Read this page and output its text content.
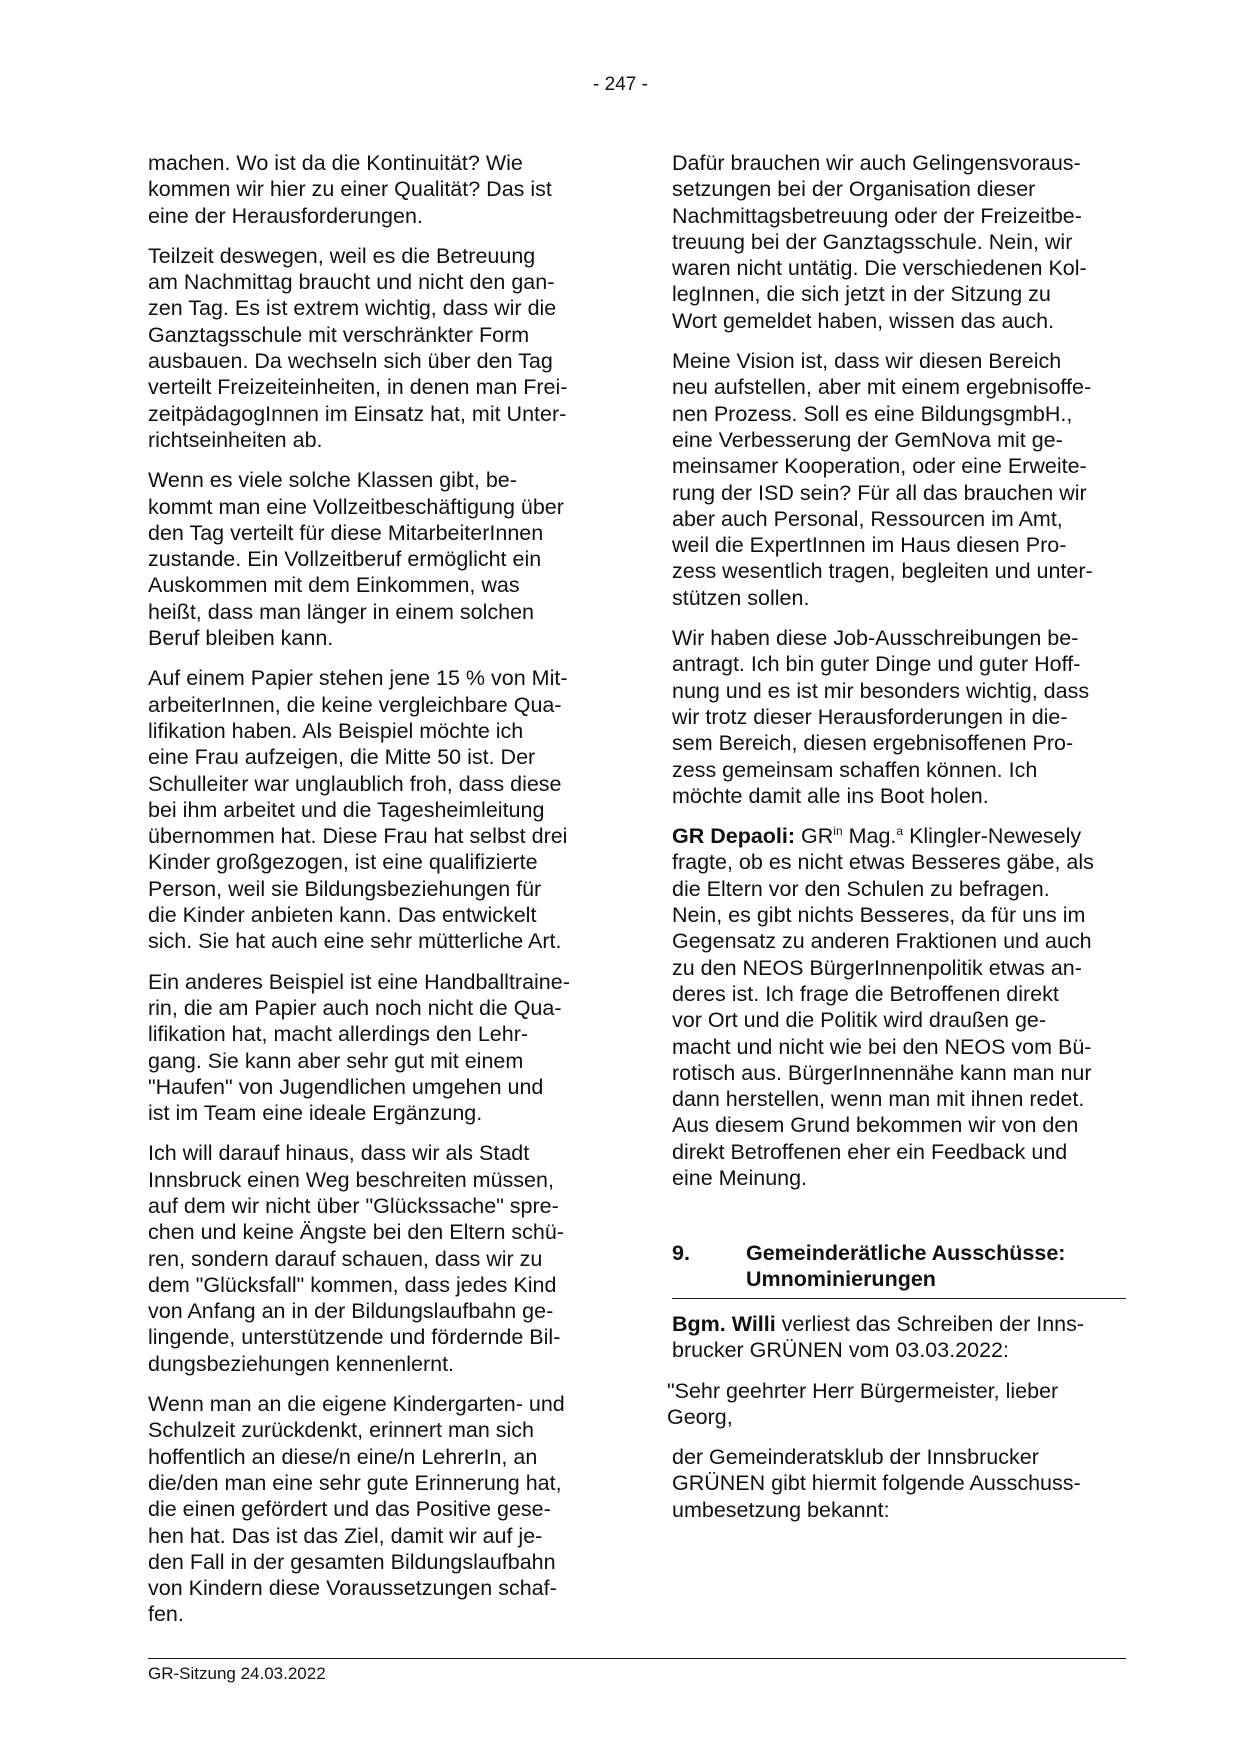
- 247 -

machen. Wo ist da die Kontinuität? Wie
kommen wir hier zu einer Qualität? Das ist
eine der Herausforderungen.

Teilzeit deswegen, weil es die Betreuung
am Nachmittag braucht und nicht den gan-
zen Tag. Es ist extrem wichtig, dass wir die
Ganztagsschule mit verschränkter Form
ausbauen. Da wechseln sich über den Tag
verteilt Freizeiteinheiten, in denen man Frei-
zeitpädagogInnen im Einsatz hat, mit Unter-
richtseinheiten ab.

Wenn es viele solche Klassen gibt, be-
kommt man eine Vollzeitbeschäftigung über
den Tag verteilt für diese MitarbeiterInnen
zustande. Ein Vollzeitberuf ermöglicht ein
Auskommen mit dem Einkommen, was
heißt, dass man länger in einem solchen
Beruf bleiben kann.

Auf einem Papier stehen jene 15 % von Mit-
arbeiterInnen, die keine vergleichbare Qua-
lifikation haben. Als Beispiel möchte ich
eine Frau aufzeigen, die Mitte 50 ist. Der
Schulleiter war unglaublich froh, dass diese
bei ihm arbeitet und die Tagesheimleitung
übernommen hat. Diese Frau hat selbst drei
Kinder großgezogen, ist eine qualifizierte
Person, weil sie Bildungsbeziehungen für
die Kinder anbieten kann. Das entwickelt
sich. Sie hat auch eine sehr mütterliche Art.

Ein anderes Beispiel ist eine Handballtraine-
rin, die am Papier auch noch nicht die Qua-
lifikation hat, macht allerdings den Lehr-
gang. Sie kann aber sehr gut mit einem
"Haufen" von Jugendlichen umgehen und
ist im Team eine ideale Ergänzung.

Ich will darauf hinaus, dass wir als Stadt
Innsbruck einen Weg beschreiten müssen,
auf dem wir nicht über "Glückssache" spre-
chen und keine Ängste bei den Eltern schü-
ren, sondern darauf schauen, dass wir zu
dem "Glücksfall" kommen, dass jedes Kind
von Anfang an in der Bildungslaufbahn ge-
lingende, unterstützende und fördernde Bil-
dungsbeziehungen kennenlernt.

Wenn man an die eigene Kindergarten- und
Schulzeit zurückdenkt, erinnert man sich
hoffentlich an diese/n eine/n LehrerIn, an
die/den man eine sehr gute Erinnerung hat,
die einen gefördert und das Positive gese-
hen hat. Das ist das Ziel, damit wir auf je-
den Fall in der gesamten Bildungslaufbahn
von Kindern diese Voraussetzungen schaf-
fen.

Dafür brauchen wir auch Gelingensvoraus-
setzungen bei der Organisation dieser
Nachmittagsbetreuung oder der Freizeitbe-
treuung bei der Ganztagsschule. Nein, wir
waren nicht untätig. Die verschiedenen Kol-
legInnen, die sich jetzt in der Sitzung zu
Wort gemeldet haben, wissen das auch.

Meine Vision ist, dass wir diesen Bereich
neu aufstellen, aber mit einem ergebnisoffe-
nen Prozess. Soll es eine BildungsgmbH.,
eine Verbesserung der GemNova mit ge-
meinsamer Kooperation, oder eine Erweite-
rung der ISD sein? Für all das brauchen wir
aber auch Personal, Ressourcen im Amt,
weil die ExpertInnen im Haus diesen Pro-
zess wesentlich tragen, begleiten und unter-
stützen sollen.

Wir haben diese Job-Ausschreibungen be-
antragt. Ich bin guter Dinge und guter Hoff-
nung und es ist mir besonders wichtig, dass
wir trotz dieser Herausforderungen in die-
sem Bereich, diesen ergebnisoffenen Pro-
zess gemeinsam schaffen können. Ich
möchte damit alle ins Boot holen.

GR Depaoli: $GR^{in}$ Mag.$^a$ Klingler-Newesely
fragte, ob es nicht etwas Besseres gäbe, als
die Eltern vor den Schulen zu befragen.
Nein, es gibt nichts Besseres, da für uns im
Gegensatz zu anderen Fraktionen und auch
zu den NEOS BürgerInnenpolitik etwas an-
deres ist. Ich frage die Betroffenen direkt
vor Ort und die Politik wird draußen ge-
macht und nicht wie bei den NEOS vom Bü-
rotisch aus. BürgerInnennähe kann man nur
dann herstellen, wenn man mit ihnen redet.
Aus diesem Grund bekommen wir von den
direkt Betroffenen eher ein Feedback und
eine Meinung.

9.	Gemeinderätliche Ausschüsse:
Umnominierungen

Bgm. Willi verliest das Schreiben der Inns-
brucker GRÜNEN vom 03.03.2022:

"Sehr geehrter Herr Bürgermeister, lieber
Georg,

der Gemeinderatsklub der Innsbrucker
GRÜNEN gibt hiermit folgende Ausschuss-
umbesetzung bekannt:

GR-Sitzung 24.03.2022
